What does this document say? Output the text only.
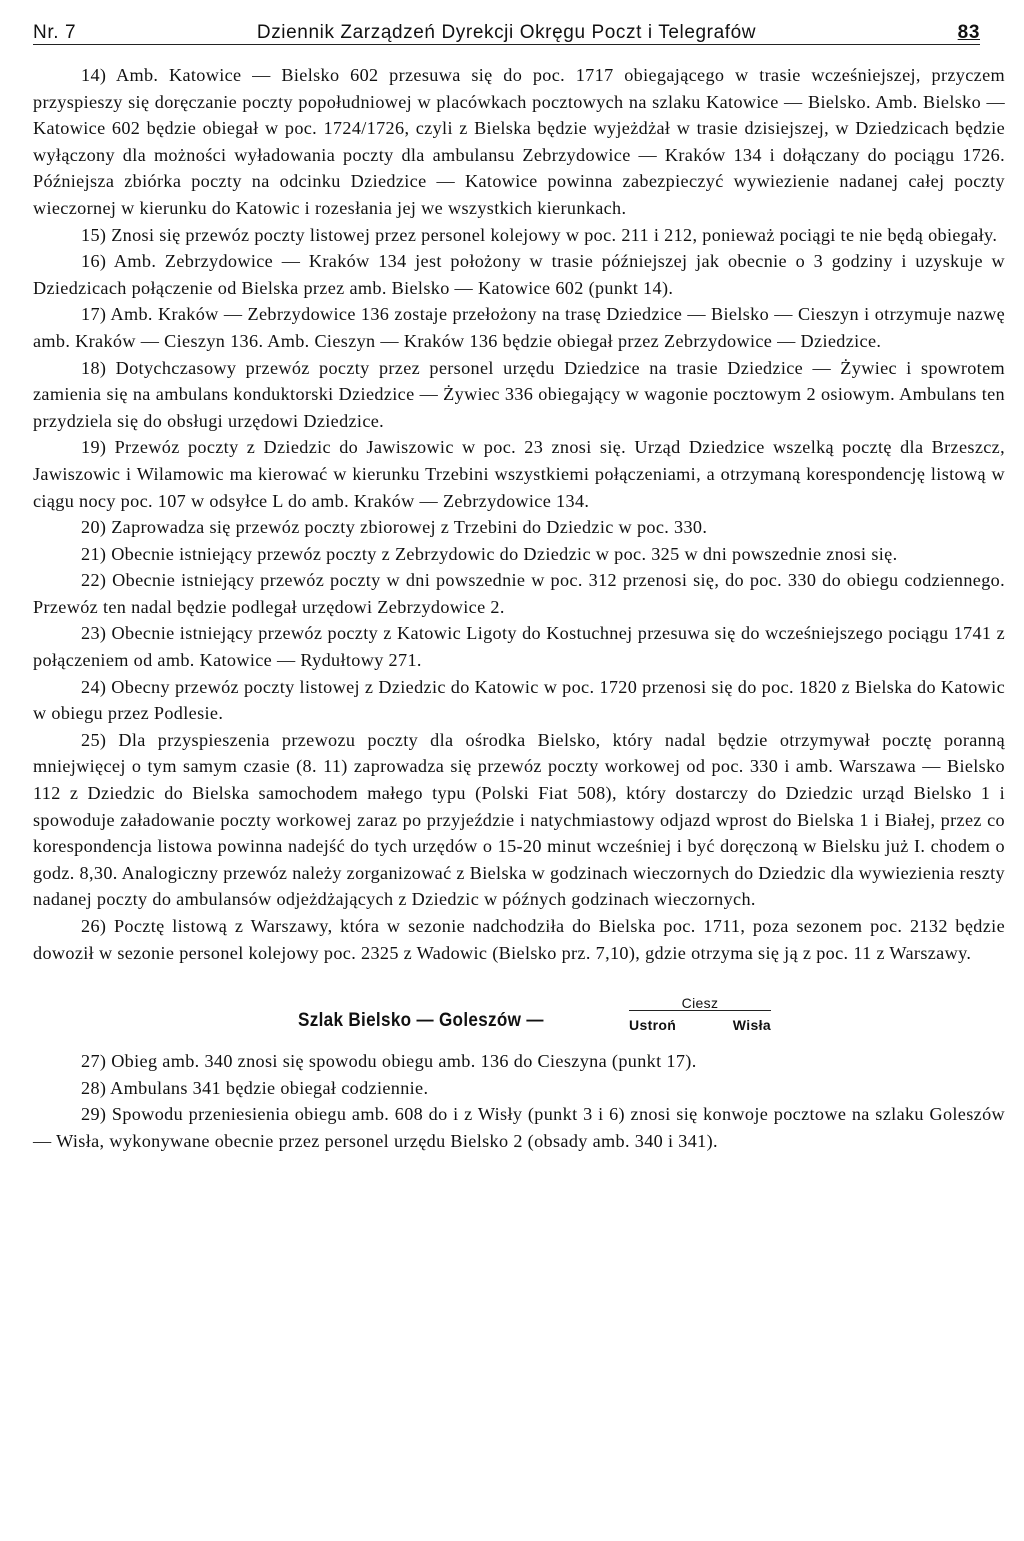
Nr. 7	Dziennik Zarządzeń Dyrekcji Okręgu Poczt i Telegrafów	83

14) Amb. Katowice — Bielsko 602 przesuwa się do poc. 1717 obiegającego w trasie wcześniejszej, przyczem przyspieszy się doręczanie poczty popołudniowej w placówkach pocztowych na szlaku Katowice — Bielsko. Amb. Bielsko — Katowice 602 będzie obiegał w poc. 1724/1726, czyli z Bielska będzie wyjeżdżał w trasie dzisiejszej, w Dziedzicach będzie wyłączony dla możności wyładowania poczty dla ambulansu Zebrzydowice — Kraków 134 i dołączany do pociągu 1726. Późniejsza zbiórka poczty na odcinku Dziedzice — Katowice powinna zabezpieczyć wywiezienie nadanej całej poczty wieczornej w kierunku do Katowic i rozesłania jej we wszystkich kierunkach.

15) Znosi się przewóz poczty listowej przez personel kolejowy w poc. 211 i 212, ponieważ pociągi te nie będą obiegały.

16) Amb. Zebrzydowice — Kraków 134 jest położony w trasie późniejszej jak obecnie o 3 godziny i uzyskuje w Dziedzicach połączenie od Bielska przez amb. Bielsko — Katowice 602 (punkt 14).

17) Amb. Kraków — Zebrzydowice 136 zostaje przełożony na trasę Dziedzice — Bielsko — Cieszyn i otrzymuje nazwę amb. Kraków — Cieszyn 136. Amb. Cieszyn — Kraków 136 będzie obiegał przez Zebrzydowice — Dziedzice.

18) Dotychczasowy przewóz poczty przez personel urzędu Dziedzice na trasie Dziedzice — Żywiec i spowrotem zamienia się na ambulans konduktorski Dziedzice — Żywiec 336 obiegający w wagonie pocztowym 2 osiowym. Ambulans ten przydziela się do obsługi urzędowi Dziedzice.

19) Przewóz poczty z Dziedzic do Jawiszowic w poc. 23 znosi się. Urząd Dziedzice wszelką pocztę dla Brzeszcz, Jawiszowic i Wilamowic ma kierować w kierunku Trzebini wszystkiemi połączeniami, a otrzymaną korespondencję listową w ciągu nocy poc. 107 w odsyłce L do amb. Kraków — Zebrzydowice 134.

20) Zaprowadza się przewóz poczty zbiorowej z Trzebini do Dziedzic w poc. 330.

21) Obecnie istniejący przewóz poczty z Zebrzydowic do Dziedzic w poc. 325 w dni powszednie znosi się.

22) Obecnie istniejący przewóz poczty w dni powszednie w poc. 312 przenosi się, do poc. 330 do obiegu codziennego. Przewóz ten nadal będzie podlegał urzędowi Zebrzydowice 2.

23) Obecnie istniejący przewóz poczty z Katowic Ligoty do Kostuchnej przesuwa się do wcześniejszego pociągu 1741 z połączeniem od amb. Katowice — Rydułtowy 271.

24) Obecny przewóz poczty listowej z Dziedzic do Katowic w poc. 1720 przenosi się do poc. 1820 z Bielska do Katowic w obiegu przez Podlesie.

25) Dla przyspieszenia przewozu poczty dla ośrodka Bielsko, który nadal będzie otrzymywał pocztę poranną mniejwięcej o tym samym czasie (8. 11) zaprowadza się przewóz poczty workowej od poc. 330 i amb. Warszawa — Bielsko 112 z Dziedzic do Bielska samochodem małego typu (Polski Fiat 508), który dostarczy do Dziedzic urząd Bielsko 1 i spowoduje załadowanie poczty workowej zaraz po przyjeździe i natychmiastowy odjazd wprost do Bielska 1 i Białej, przez co korespondencja listowa powinna nadejść do tych urzędów o 15-20 minut wcześniej i być doręczoną w Bielsku już I. chodem o godz. 8,30. Analogiczny przewóz należy zorganizować z Bielska w godzinach wieczornych do Dziedzic dla wywiezienia reszty nadanej poczty do ambulansów odjeżdżających z Dziedzic w późnych godzinach wieczornych.

26) Pocztę listową z Warszawy, która w sezonie nadchodziła do Bielska poc. 1711, poza sezonem poc. 2132 będzie dowoził w sezonie personel kolejowy poc. 2325 z Wadowic (Bielsko prz. 7,10), gdzie otrzyma się ją z poc. 11 z Warszawy.

Szlak Bielsko — Goleszów —
Ciesz
Ustroń	Wisła

27) Obieg amb. 340 znosi się spowodu obiegu amb. 136 do Cieszyna (punkt 17).

28) Ambulans 341 będzie obiegał codziennie.

29) Spowodu przeniesienia obiegu amb. 608 do i z Wisły (punkt 3 i 6) znosi się konwoje pocztowe na szlaku Goleszów — Wisła, wykonywane obecnie przez personel urzędu Bielsko 2 (obsady amb. 340 i 341).
